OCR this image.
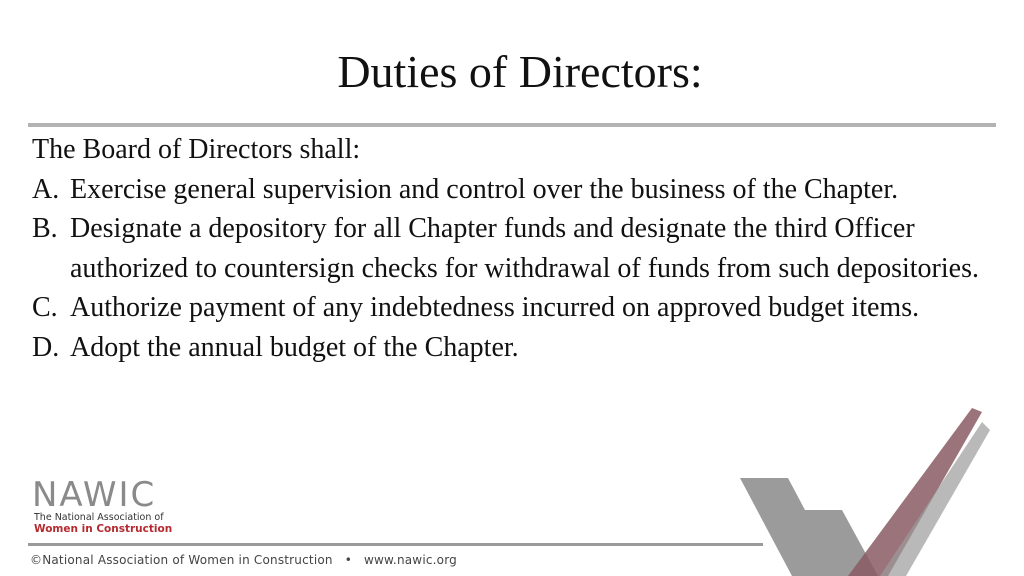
Duties of Directors:

The Board of Directors shall:

A. Exercise general supervision and control over the business of the Chapter.
B. Designate a depository for all Chapter funds and designate the third Officer authorized to countersign checks for withdrawal of funds from such depositories.
C. Authorize payment of any indebtedness incurred on approved budget items.
D. Adopt the annual budget of the Chapter.
NAWIC
The National Association of
Women in Construction
©National Association of Women in Construction • www.nawic.org
